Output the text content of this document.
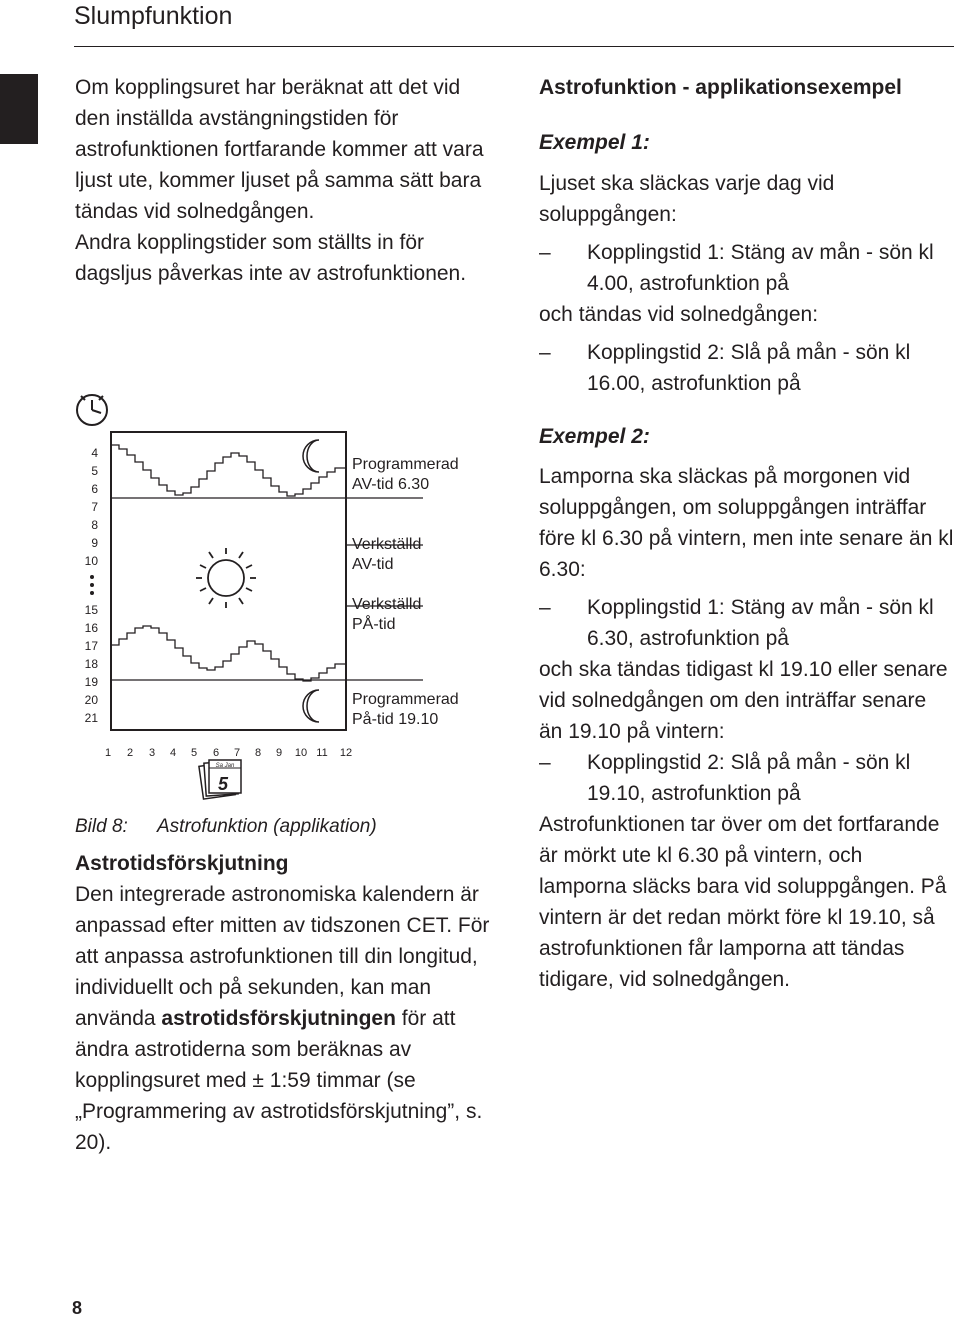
Slumpfunktion

Om kopplingsuret har beräknat att det vid den inställda avstängningstiden för astrofunktionen fortfarande kommer att vara ljust ute, kommer ljuset på samma sätt bara tändas vid solnedgången.

Andra kopplingstider som ställts in för dagsljus påverkas inte av astrofunktionen.

4
5
6
7
8
9
10
15
16
17
18
19
20
21
1 2 3 4 5 6 7 8 9 10 11 12
Programmerad
AV-tid 6.30
Verkställd
AV-tid
Verkställd
PÅ-tid
Programmerad
På-tid 19.10
Sa Jan
5
Bild 8: Astrofunktion (applikation)
Astrotidsförskjutning

Den integrerade astronomiska kalendern är anpassad efter mitten av tidszonen CET. För att anpassa astrofunktionen till din longitud, individuellt och på sekunden, kan man använda astrotidsförskjutningen för att ändra astrotiderna som beräknas av kopplingsuret med ± 1:59 timmar (se „Programmering av astrotidsförskjutning”, s. 20).

Astrofunktion - applikationsexempel
Exempel 1:

Ljuset ska släckas varje dag vid soluppgången:

–	Kopplingstid 1: Stäng av mån - sön kl 4.00, astrofunktion på

och tändas vid solnedgången:

–	Kopplingstid 2: Slå på mån - sön kl 16.00, astrofunktion på
Exempel 2:

Lamporna ska släckas på morgonen vid soluppgången, om soluppgången inträffar före kl 6.30 på vintern, men inte senare än kl 6.30:

–	Kopplingstid 1: Stäng av mån - sön kl 6.30, astrofunktion på

och ska tändas tidigast kl 19.10 eller senare vid solnedgången om den inträffar senare än 19.10 på vintern:

–	Kopplingstid 2: Slå på mån - sön kl 19.10, astrofunktion på

Astrofunktionen tar över om det fortfarande är mörkt ute kl 6.30 på vintern, och lamporna släcks bara vid soluppgången. På vintern är det redan mörkt före kl 19.10, så astrofunktionen får lamporna att tändas tidigare, vid solnedgången.

8
